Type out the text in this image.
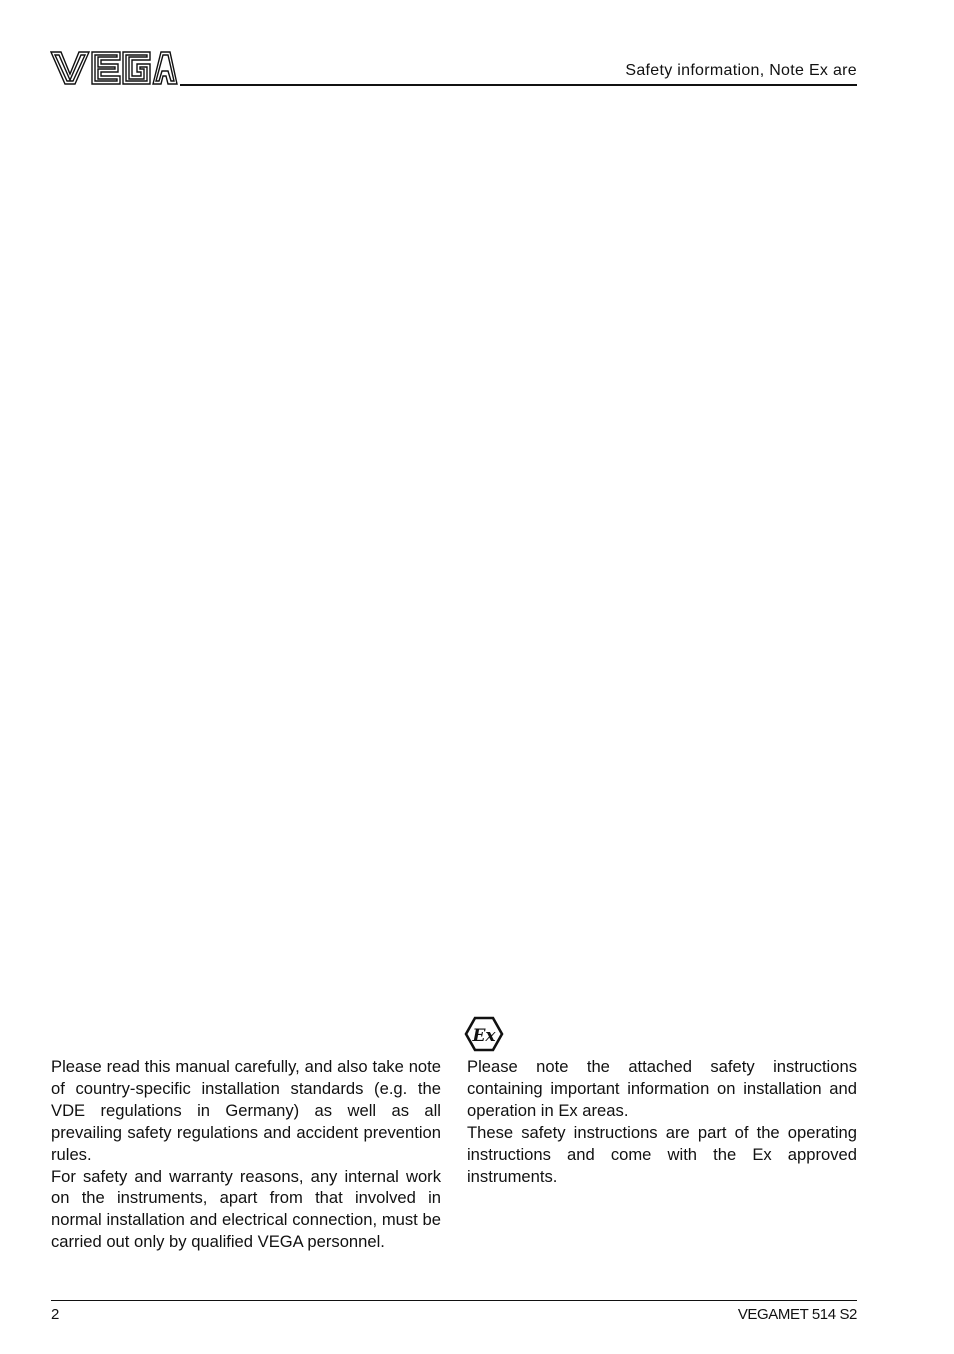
Safety information, Note Ex are

Please read this manual carefully, and also take note of country-specific installation standards (e.g. the VDE regulations in Germany) as well as all prevailing safety regulations and accident prevention rules.

For safety and warranty reasons, any internal work on the instruments, apart from that involved in normal installation and electrical connection, must be carried out only by qualified VEGA personnel.

Ex

Please note the attached safety instructions containing important information on installation and operation in Ex areas.

These safety instructions are part of the operating instructions and come with the Ex approved instruments.

2	VEGAMET 514 S2
